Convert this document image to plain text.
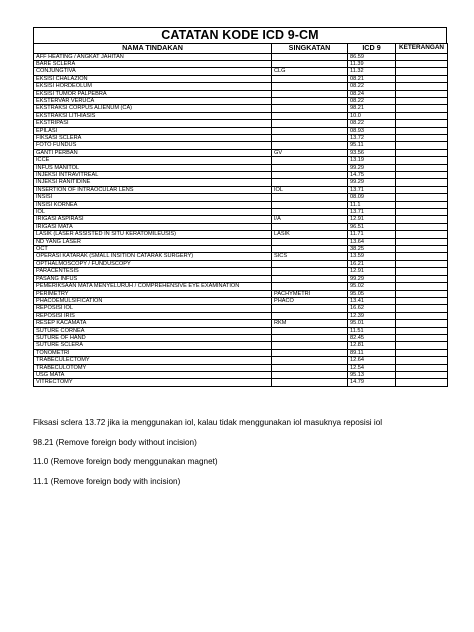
CATATAN KODE ICD 9-CM
NAMA TINDAKAN	SINGKATAN	ICD 9	KETERANGAN
AFF HEATING / ANGKAT JAHITAN		86.59	
BARE SCLERA		11.39	
CONJUNGTIVA	CLG	11.32	
EKSISI CHALAZION		08.21	
EKSISI HORDEOLUM		08.22	
EKSISI TUMOR PALPEBRA		08.24	
EKSTERVAR VERUCA		08.22	
EKSTRAKSI CORPUS ALIENUM (CA)		98.21	
EKSTRAKSI LITHIASIS		10.0	
EKSTRIPASI		08.22	
EPILASI		08.93	
FIKSASI SCLERA		13.72	
FOTO FUNDUS		95.11	
GANTI PERBAN	GV	93.56	
ICCE		13.19	
INFUS MANITOL		99.29	
INJEKSI INTRAVITREAL		14.75	
INJEKSI RANITIDINE		99.29	
INSERTION OF INTRAOCULAR LENS	IOL	13.71	
INSISI		08.09	
INSISI KORNEA		11.1	
IOL		13.71	
IRIGASI ASPIRASI	I/A	12.91	
IRIGASI MATA		96.51	
LASIK (LASER ASSISTED IN SITU KERATOMILEUSIS)	LASIK	11.71	
ND YANG LASER		13.64	
OCT		38.25	
OPERASI KATARAK (SMALL INSITION CATARAK SURGERY)	SICS	13.59	
OPTHALMOSCOPY / FUNDUSCOPY		16.21	
PARACENTESIS		12.91	
PASANG INFUS		99.29	
PEMERIKSAAN MATA MENYELURUH / COMPREHENSIVE EYE EXAMINATION		95.02	
PERIMETRY	PACHYMETRI	95.05	
PHACOEMULSIFICATION	PHACO	13.41	
REPOSISI IOL		16.62	
REPOSISI IRIS		12.39	
RESEP KACAMATA	RKM	95.01	
SUTURE CORNEA		11.51	
SUTURE OF HAND		82.45	
SUTURE SCLERA		12.81	
TONOMETRI		89.11	
TRABECULECTOMY		12.64	
TRABECULOTOMY		12.54	
USG MATA		95.13	
VITRECTOMY		14.79	

Fiksasi sclera 13.72 jika ia menggunakan iol, kalau tidak menggunakan iol masuknya reposisi iol

98.21 (Remove foreign body without incision)

11.0 (Remove foreign body menggunakan magnet)

11.1 (Remove foreign body with incision)
